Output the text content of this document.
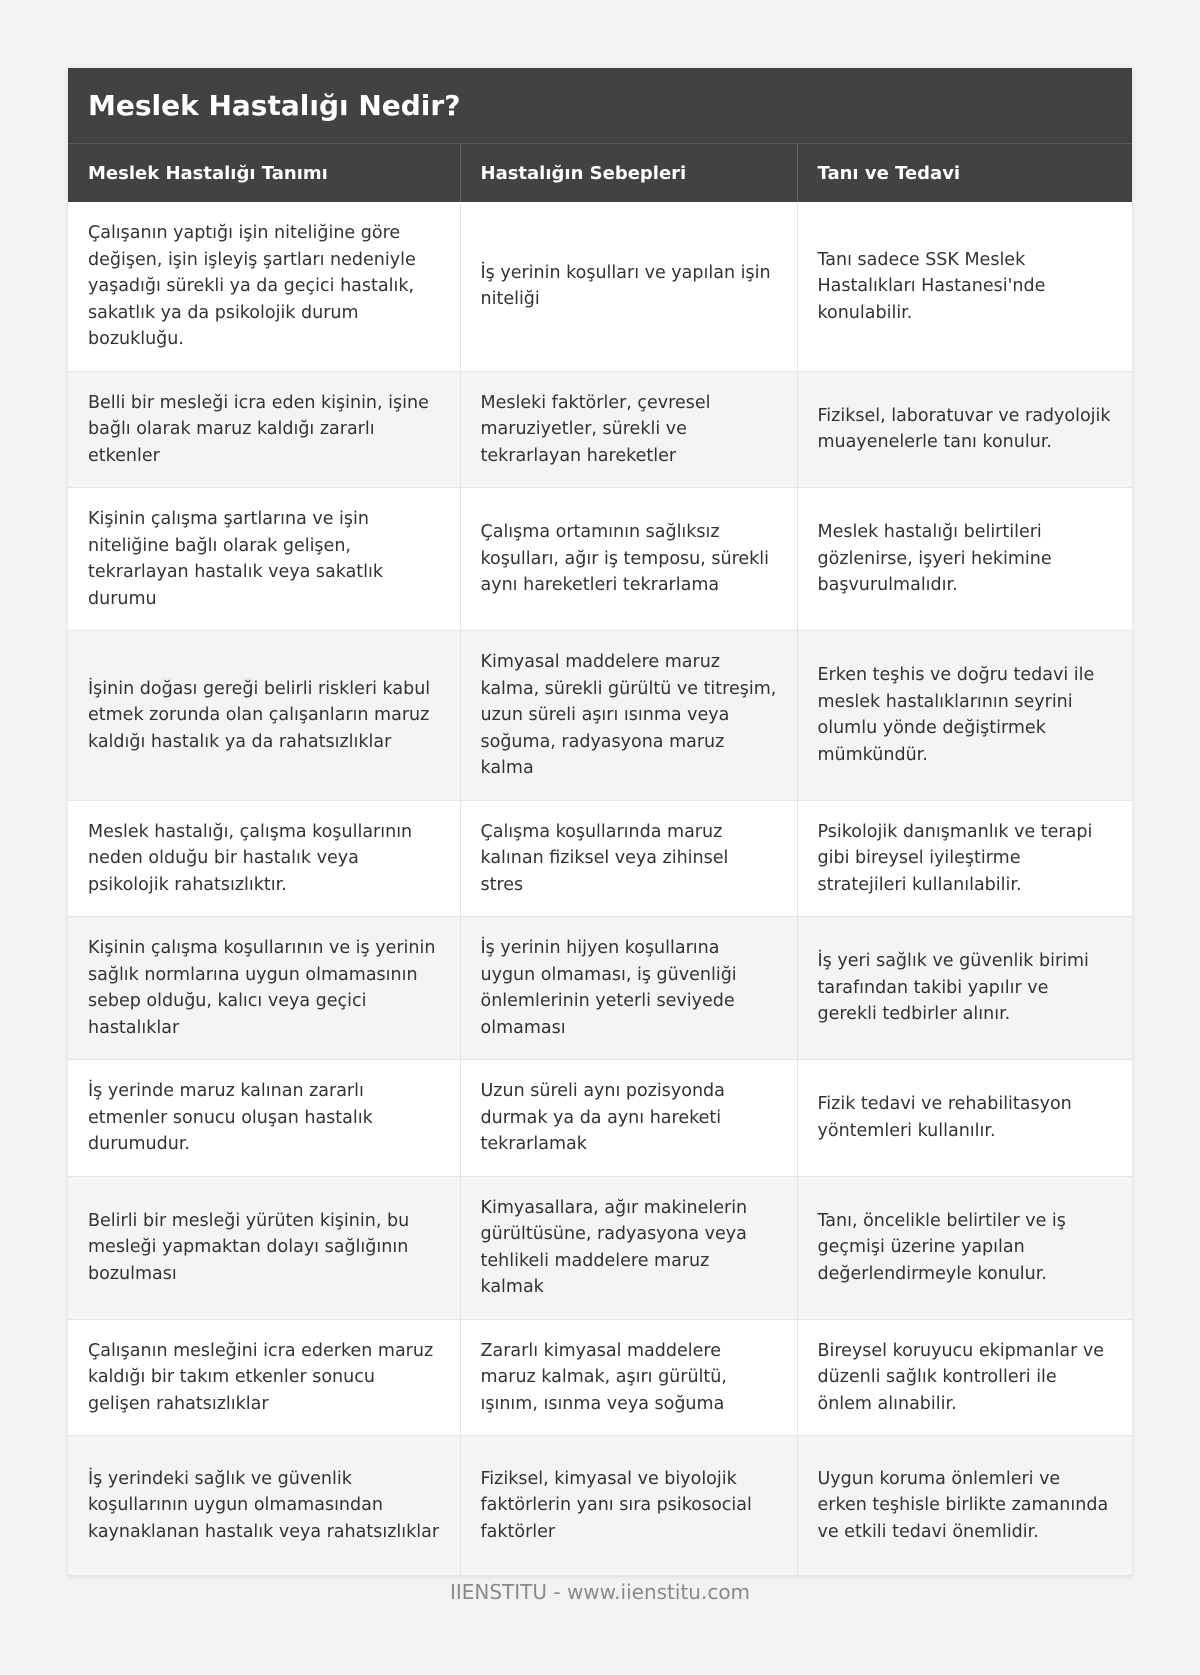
Meslek Hastalığı Nedir?
Meslek Hastalığı Tanımı	Hastalığın Sebepleri	Tanı ve Tedavi
Çalışanın yaptığı işin niteliğine göre değişen, işin işleyiş şartları nedeniyle yaşadığı sürekli ya da geçici hastalık, sakatlık ya da psikolojik durum bozukluğu.	İş yerinin koşulları ve yapılan işin niteliği	Tanı sadece SSK Meslek Hastalıkları Hastanesi'nde konulabilir.
Belli bir mesleği icra eden kişinin, işine bağlı olarak maruz kaldığı zararlı etkenler	Mesleki faktörler, çevresel maruziyetler, sürekli ve tekrarlayan hareketler	Fiziksel, laboratuvar ve radyolojik muayenelerle tanı konulur.
Kişinin çalışma şartlarına ve işin niteliğine bağlı olarak gelişen, tekrarlayan hastalık veya sakatlık durumu	Çalışma ortamının sağlıksız koşulları, ağır iş temposu, sürekli aynı hareketleri tekrarlama	Meslek hastalığı belirtileri gözlenirse, işyeri hekimine başvurulmalıdır.
İşinin doğası gereği belirli riskleri kabul etmek zorunda olan çalışanların maruz kaldığı hastalık ya da rahatsızlıklar	Kimyasal maddelere maruz kalma, sürekli gürültü ve titreşim, uzun süreli aşırı ısınma veya soğuma, radyasyona maruz kalma	Erken teşhis ve doğru tedavi ile meslek hastalıklarının seyrini olumlu yönde değiştirmek mümkündür.
Meslek hastalığı, çalışma koşullarının neden olduğu bir hastalık veya psikolojik rahatsızlıktır.	Çalışma koşullarında maruz kalınan fiziksel veya zihinsel stres	Psikolojik danışmanlık ve terapi gibi bireysel iyileştirme stratejileri kullanılabilir.
Kişinin çalışma koşullarının ve iş yerinin sağlık normlarına uygun olmamasının sebep olduğu, kalıcı veya geçici hastalıklar	İş yerinin hijyen koşullarına uygun olmaması, iş güvenliği önlemlerinin yeterli seviyede olmaması	İş yeri sağlık ve güvenlik birimi tarafından takibi yapılır ve gerekli tedbirler alınır.
İş yerinde maruz kalınan zararlı etmenler sonucu oluşan hastalık durumudur.	Uzun süreli aynı pozisyonda durmak ya da aynı hareketi tekrarlamak	Fizik tedavi ve rehabilitasyon yöntemleri kullanılır.
Belirli bir mesleği yürüten kişinin, bu mesleği yapmaktan dolayı sağlığının bozulması	Kimyasallara, ağır makinelerin gürültüsüne, radyasyona veya tehlikeli maddelere maruz kalmak	Tanı, öncelikle belirtiler ve iş geçmişi üzerine yapılan değerlendirmeyle konulur.
Çalışanın mesleğini icra ederken maruz kaldığı bir takım etkenler sonucu gelişen rahatsızlıklar	Zararlı kimyasal maddelere maruz kalmak, aşırı gürültü, ışınım, ısınma veya soğuma	Bireysel koruyucu ekipmanlar ve düzenli sağlık kontrolleri ile önlem alınabilir.
İş yerindeki sağlık ve güvenlik koşullarının uygun olmamasından kaynaklanan hastalık veya rahatsızlıklar	Fiziksel, kimyasal ve biyolojik faktörlerin yanı sıra psikosocial faktörler	Uygun koruma önlemleri ve erken teşhisle birlikte zamanında ve etkili tedavi önemlidir.
IIENSTITU - www.iienstitu.com
